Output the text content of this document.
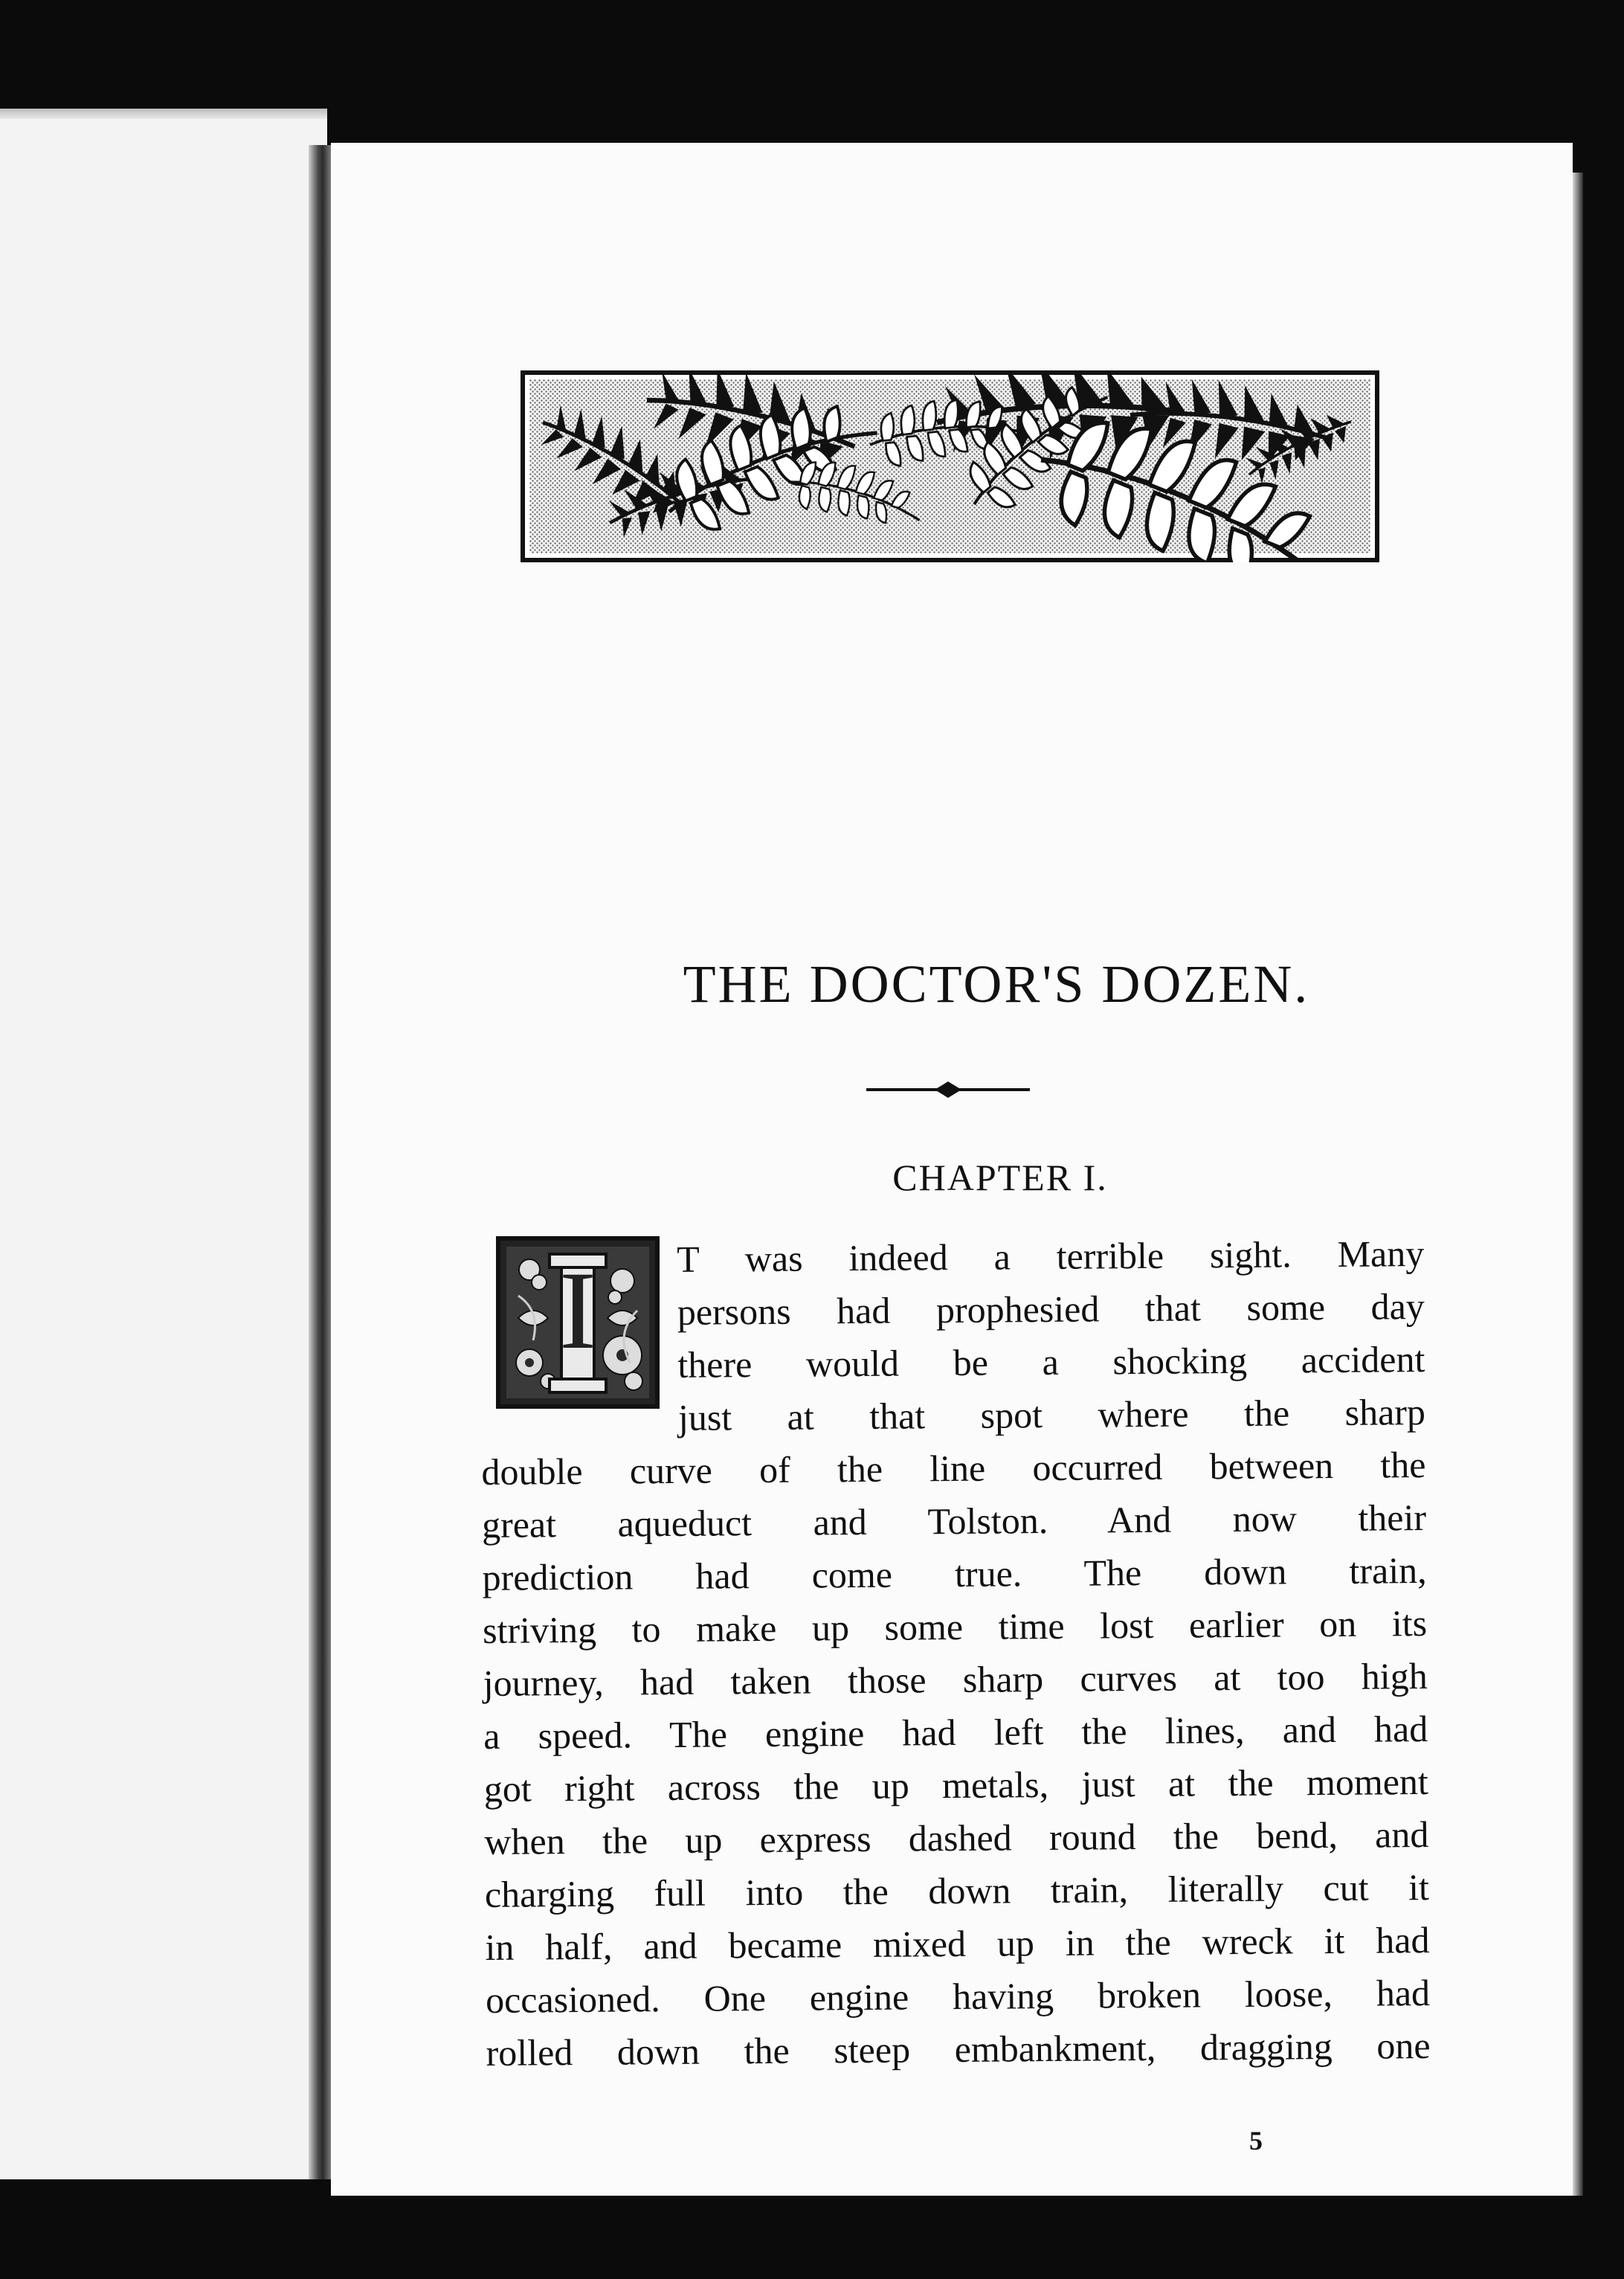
THE DOCTOR'S DOZEN.
CHAPTER I.
I	T was indeed a terrible sight. Many
persons had prophesied that some day
there would be a shocking accident
just at that spot where the sharp
double curve of the line occurred between the
great aqueduct and Tolston. And now their
prediction had come true. The down train,
striving to make up some time lost earlier on its
journey, had taken those sharp curves at too high
a speed. The engine had left the lines, and had
got right across the up metals, just at the moment
when the up express dashed round the bend, and
charging full into the down train, literally cut it
in half, and became mixed up in the wreck it had
occasioned. One engine having broken loose, had
rolled down the steep embankment, dragging one
5
